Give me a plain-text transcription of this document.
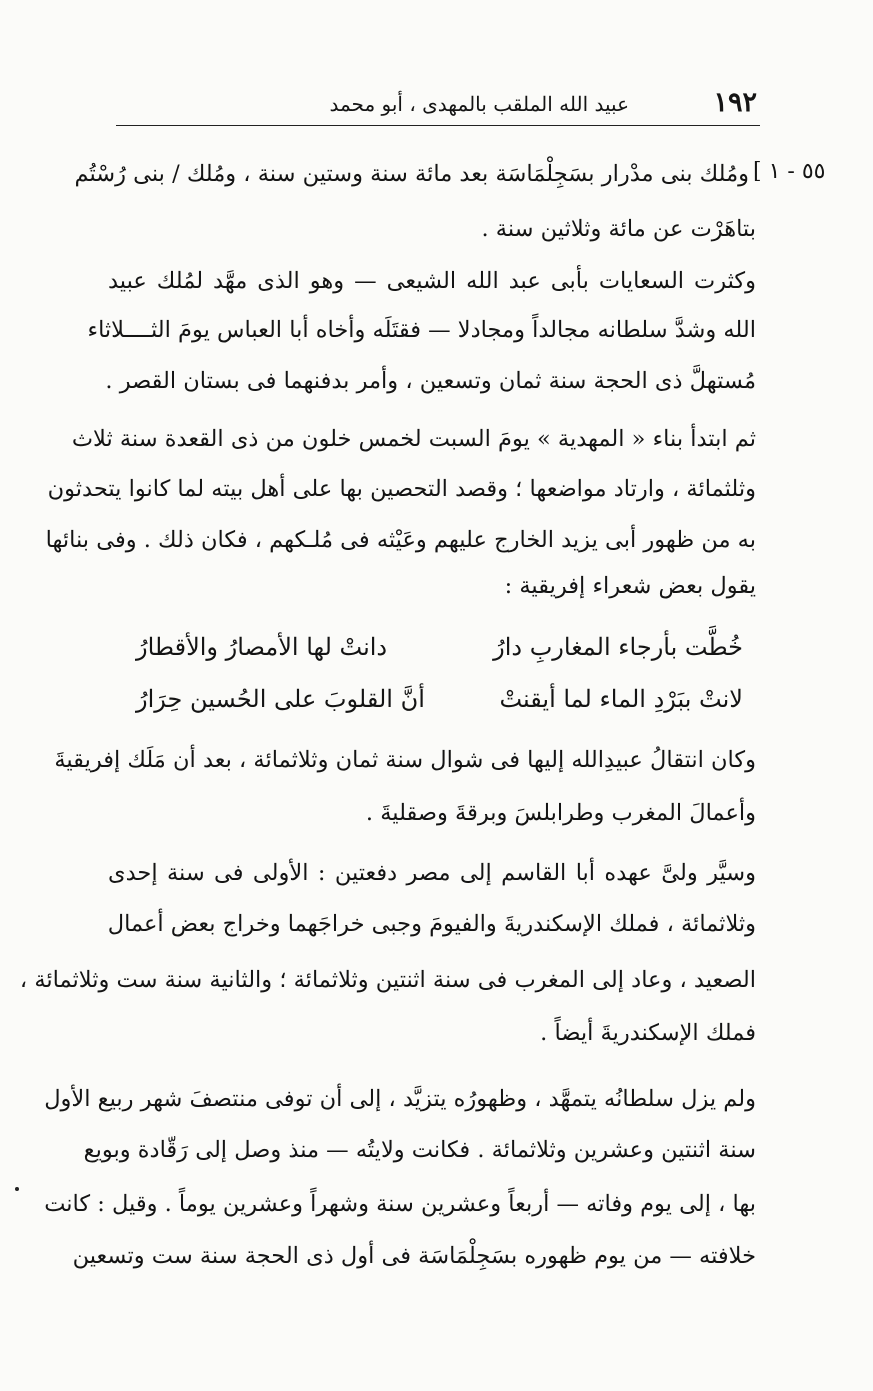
١٩٢
عبيد الله الملقب بالمهدى ، أبو محمد
[ ٥٥ - ١
ومُلك بنى مدْرار بسَجِلْمَاسَة بعد مائة سنة وستين سنة ، ومُلك / بنى رُسْتُم
بتاهَرْت عن مائة وثلاثين سنة .
وكثرت السعايات بأبى عبد الله الشيعى — وهو الذى مهَّد لمُلك عبيد
الله وشدَّ سلطانه مجالداً ومجادلا — فقتَلَه وأخاه أبا العباس يومَ الثــــلاثاء
مُستهلَّ ذى الحجة سنة ثمان وتسعين ، وأمر بدفنهما فى بستان القصر .
ثم ابتدأ بناء « المهدية » يومَ السبت لخمس خلون من ذى القعدة سنة ثلاث
وثلثمائة ، وارتاد مواضعها ؛ وقصد التحصين بها على أهل بيته لما كانوا يتحدثون
به من ظهور أبى يزيد الخارج عليهم وعَيْثه فى مُلـكهم ، فكان ذلك . وفى بنائها
يقول بعض شعراء إفريقية :
خُطَّت بأرجاء المغاربِ دارُ
دانتْ لها الأمصارُ والأقطارُ
لانتْ ببَرْدِ الماء لما أيقنتْ
أنَّ القلوبَ على الحُسين حِرَارُ
وكان انتقالُ عبيدِالله إليها فى شوال سنة ثمان وثلاثمائة ، بعد أن مَلَك إفريقيةَ
وأعمالَ المغرب وطرابلسَ وبرقةَ وصقليةَ .
وسيَّر ولىَّ عهده أبا القاسم إلى مصر دفعتين : الأولى فى سنة إحدى
وثلاثمائة ، فملك الإسكندريةَ والفيومَ وجبى خراجَهما وخراج بعض أعمال
الصعيد ، وعاد إلى المغرب فى سنة اثنتين وثلاثمائة ؛ والثانية سنة ست وثلاثمائة ،
فملك الإسكندريةَ أيضاً .
ولم يزل سلطانُه يتمهَّد ، وظهورُه يتزيَّد ، إلى أن توفى منتصفَ شهر ربيع الأول
سنة اثنتين وعشرين وثلاثمائة . فكانت ولايتُه — منذ وصل إلى رَقّادة وبويع
بها ، إلى يوم وفاته — أربعاً وعشرين سنة وشهراً وعشرين يوماً . وقيل : كانت
خلافته — من يوم ظهوره بسَجِلْمَاسَة فى أول ذى الحجة سنة ست وتسعين
